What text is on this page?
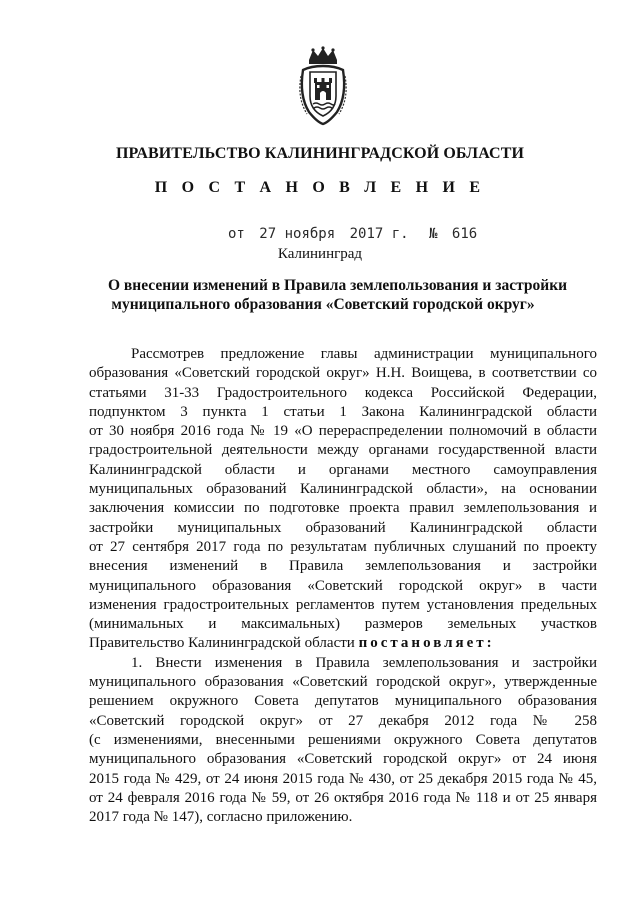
ПРАВИТЕЛЬСТВО КАЛИНИНГРАДСКОЙ ОБЛАСТИ
П О С Т А Н О В Л Е Н И Е
от 27 ноября 2017 г. № 616
Калининград
О внесении изменений в Правила землепользования и застройки
муниципального образования «Советский городской округ»
Рассмотрев предложение главы администрации муниципального
образования «Советский городской округ» Н.Н. Воищева, в соответствии со
статьями 31-33 Градостроительного кодекса Российской Федерации,
подпунктом 3 пункта 1 статьи 1 Закона Калининградской области
от 30 ноября 2016 года № 19 «О перераспределении полномочий в области
градостроительной деятельности между органами государственной власти
Калининградской области и органами местного самоуправления
муниципальных образований Калининградской области», на основании
заключения комиссии по подготовке проекта правил землепользования и
застройки муниципальных образований Калининградской области
от 27 сентября 2017 года по результатам публичных слушаний по проекту
внесения изменений в Правила землепользования и застройки
муниципального образования «Советский городской округ» в части
изменения градостроительных регламентов путем установления предельных
(минимальных и максимальных) размеров земельных участков
Правительство Калининградской области постановляет:
1. Внести изменения в Правила землепользования и застройки
муниципального образования «Советский городской округ», утвержденные
решением окружного Совета депутатов муниципального образования
«Советский городской округ» от 27 декабря 2012 года № 258
(с изменениями, внесенными решениями окружного Совета депутатов
муниципального образования «Советский городской округ» от 24 июня
2015 года № 429, от 24 июня 2015 года № 430, от 25 декабря 2015 года № 45,
от 24 февраля 2016 года № 59, от 26 октября 2016 года № 118 и от 25 января
2017 года № 147), согласно приложению.
